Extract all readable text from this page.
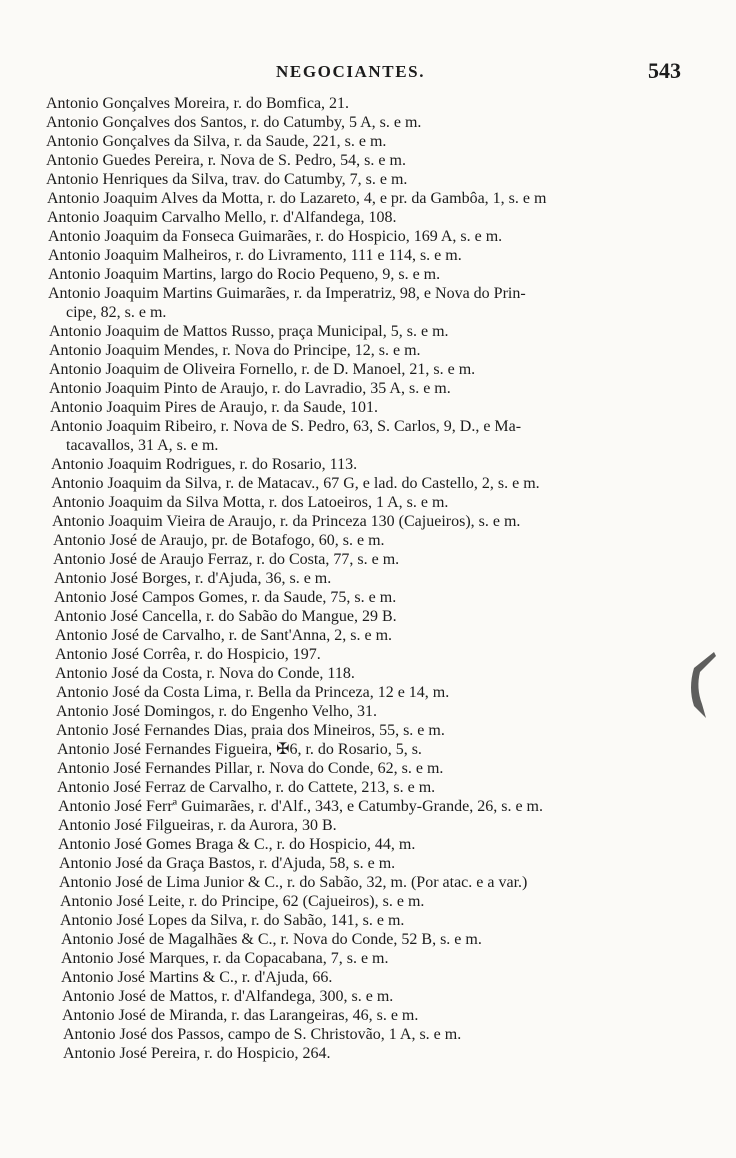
NEGOCIANTES.	543
Antonio Gonçalves Moreira, r. do Bomfica, 21.
Antonio Gonçalves dos Santos, r. do Catumby, 5 A, s. e m.
Antonio Gonçalves da Silva, r. da Saude, 221, s. e m.
Antonio Guedes Pereira, r. Nova de S. Pedro, 54, s. e m.
Antonio Henriques da Silva, trav. do Catumby, 7, s. e m.
Antonio Joaquim Alves da Motta, r. do Lazareto, 4, e pr. da Gambôa, 1, s. e m
Antonio Joaquim Carvalho Mello, r. d'Alfandega, 108.
Antonio Joaquim da Fonseca Guimarães, r. do Hospicio, 169 A, s. e m.
Antonio Joaquim Malheiros, r. do Livramento, 111 e 114, s. e m.
Antonio Joaquim Martins, largo do Rocio Pequeno, 9, s. e m.
Antonio Joaquim Martins Guimarães, r. da Imperatriz, 98, e Nova do Prin-
cipe, 82, s. e m.
Antonio Joaquim de Mattos Russo, praça Municipal, 5, s. e m.
Antonio Joaquim Mendes, r. Nova do Principe, 12, s. e m.
Antonio Joaquim de Oliveira Fornello, r. de D. Manoel, 21, s. e m.
Antonio Joaquim Pinto de Araujo, r. do Lavradio, 35 A, s. e m.
Antonio Joaquim Pires de Araujo, r. da Saude, 101.
Antonio Joaquim Ribeiro, r. Nova de S. Pedro, 63, S. Carlos, 9, D., e Ma-
tacavallos, 31 A, s. e m.
Antonio Joaquim Rodrigues, r. do Rosario, 113.
Antonio Joaquim da Silva, r. de Matacav., 67 G, e lad. do Castello, 2, s. e m.
Antonio Joaquim da Silva Motta, r. dos Latoeiros, 1 A, s. e m.
Antonio Joaquim Vieira de Araujo, r. da Princeza 130 (Cajueiros), s. e m.
Antonio José de Araujo, pr. de Botafogo, 60, s. e m.
Antonio José de Araujo Ferraz, r. do Costa, 77, s. e m.
Antonio José Borges, r. d'Ajuda, 36, s. e m.
Antonio José Campos Gomes, r. da Saude, 75, s. e m.
Antonio José Cancella, r. do Sabão do Mangue, 29 B.
Antonio José de Carvalho, r. de Sant'Anna, 2, s. e m.
Antonio José Corrêa, r. do Hospicio, 197.
Antonio José da Costa, r. Nova do Conde, 118.
Antonio José da Costa Lima, r. Bella da Princeza, 12 e 14, m.
Antonio José Domingos, r. do Engenho Velho, 31.
Antonio José Fernandes Dias, praia dos Mineiros, 55, s. e m.
Antonio José Fernandes Figueira, ✠6, r. do Rosario, 5, s.
Antonio José Fernandes Pillar, r. Nova do Conde, 62, s. e m.
Antonio José Ferraz de Carvalho, r. do Cattete, 213, s. e m.
Antonio José Ferrª Guimarães, r. d'Alf., 343, e Catumby-Grande, 26, s. e m.
Antonio José Filgueiras, r. da Aurora, 30 B.
Antonio José Gomes Braga & C., r. do Hospicio, 44, m.
Antonio José da Graça Bastos, r. d'Ajuda, 58, s. e m.
Antonio José de Lima Junior & C., r. do Sabão, 32, m. (Por atac. e a var.)
Antonio José Leite, r. do Principe, 62 (Cajueiros), s. e m.
Antonio José Lopes da Silva, r. do Sabão, 141, s. e m.
Antonio José de Magalhães & C., r. Nova do Conde, 52 B, s. e m.
Antonio José Marques, r. da Copacabana, 7, s. e m.
Antonio José Martins & C., r. d'Ajuda, 66.
Antonio José de Mattos, r. d'Alfandega, 300, s. e m.
Antonio José de Miranda, r. das Larangeiras, 46, s. e m.
Antonio José dos Passos, campo de S. Christovão, 1 A, s. e m.
Antonio José Pereira, r. do Hospicio, 264.
